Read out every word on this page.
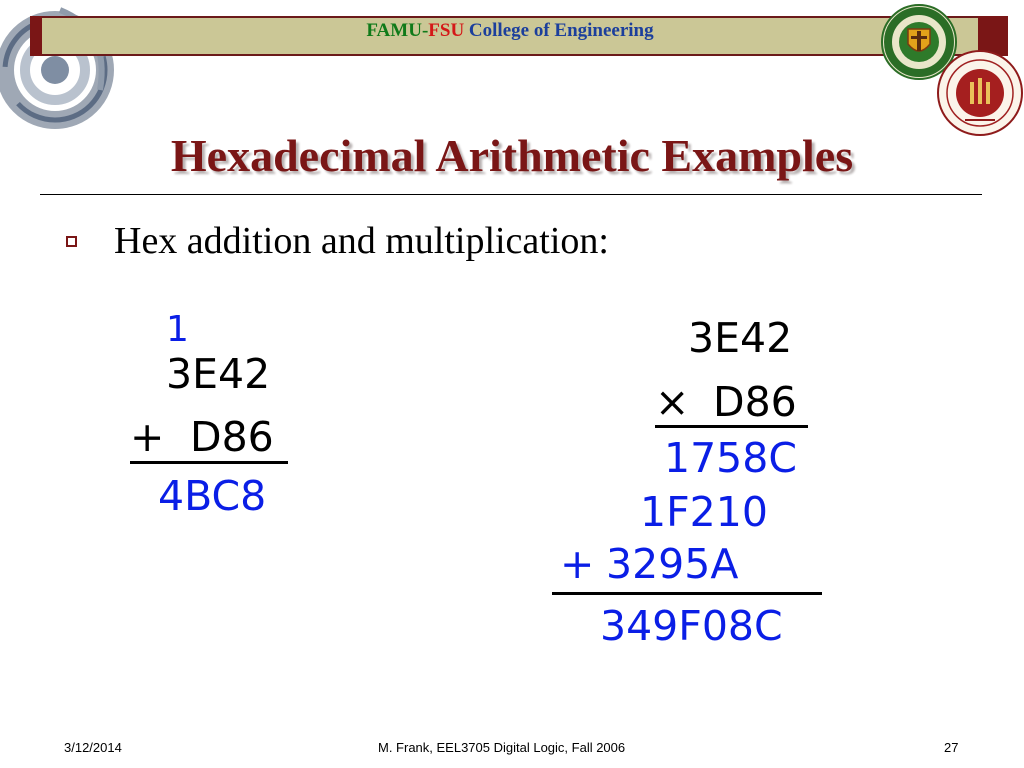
FAMU-FSU College of Engineering
Hexadecimal Arithmetic Examples
Hex addition and multiplication:
1
3E42
+ D86
4BC8
3E42
× D86
1758C
1F210
+ 3295A
349F08C
3/12/2014	M. Frank, EEL3705 Digital Logic, Fall 2006	27
